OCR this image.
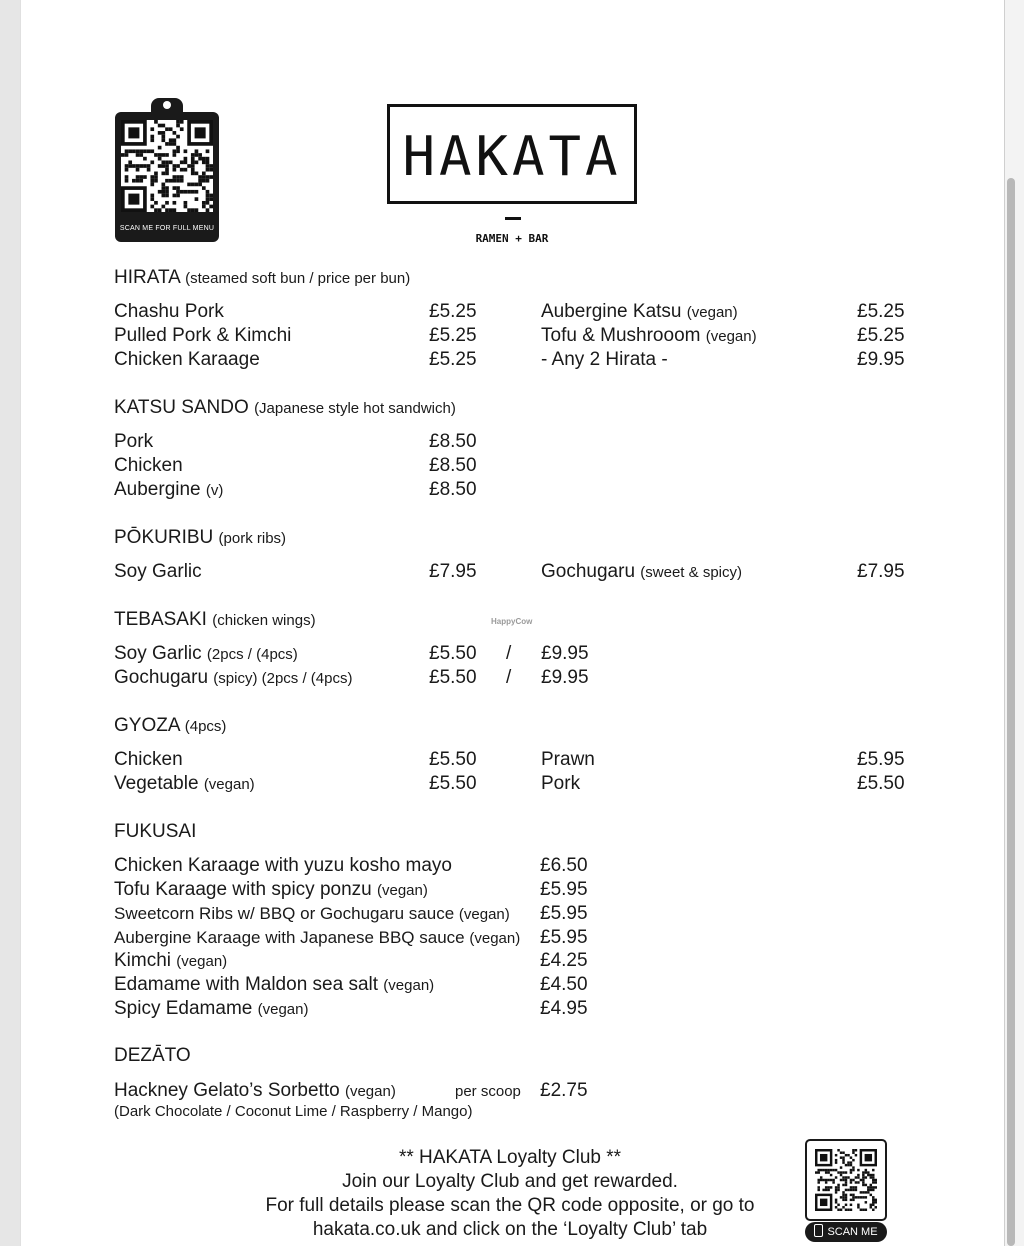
SCAN ME FOR FULL MENU
HAKATA
RAMEN + BAR
HIRATA (steamed soft bun / price per bun)
Chashu Pork	£5.25
Pulled Pork & Kimchi	£5.25
Chicken Karaage	£5.25
Aubergine Katsu (vegan)	£5.25
Tofu & Mushrooom (vegan)	£5.25
- Any 2 Hirata -	£9.95
KATSU SANDO (Japanese style hot sandwich)
Pork	£8.50
Chicken	£8.50
Aubergine (v)	£8.50
PŌKURIBU (pork ribs)
Soy Garlic	£7.95	Gochugaru (sweet & spicy)	£7.95
TEBASAKI (chicken wings)	HappyCow
Soy Garlic (2pcs / (4pcs)	£5.50 / £9.95
Gochugaru (spicy) (2pcs / (4pcs)	£5.50 / £9.95
GYOZA (4pcs)
Chicken	£5.50
Vegetable (vegan)	£5.50
Prawn	£5.95
Pork	£5.50
FUKUSAI
Chicken Karaage with yuzu kosho mayo	£6.50
Tofu Karaage with spicy ponzu (vegan)	£5.95
Sweetcorn Ribs w/ BBQ or Gochugaru sauce (vegan) £5.95
Aubergine Karaage with Japanese BBQ sauce (vegan) £5.95
Kimchi (vegan)	£4.25
Edamame with Maldon sea salt (vegan)	£4.50
Spicy Edamame (vegan)	£4.95
DEZĀTO
Hackney Gelato’s Sorbetto (vegan)	per scoop £2.75
(Dark Chocolate / Coconut Lime / Raspberry / Mango)
** HAKATA Loyalty Club **
Join our Loyalty Club and get rewarded.
For full details please scan the QR code opposite, or go to
hakata.co.uk and click on the ‘Loyalty Club’ tab	SCAN ME
